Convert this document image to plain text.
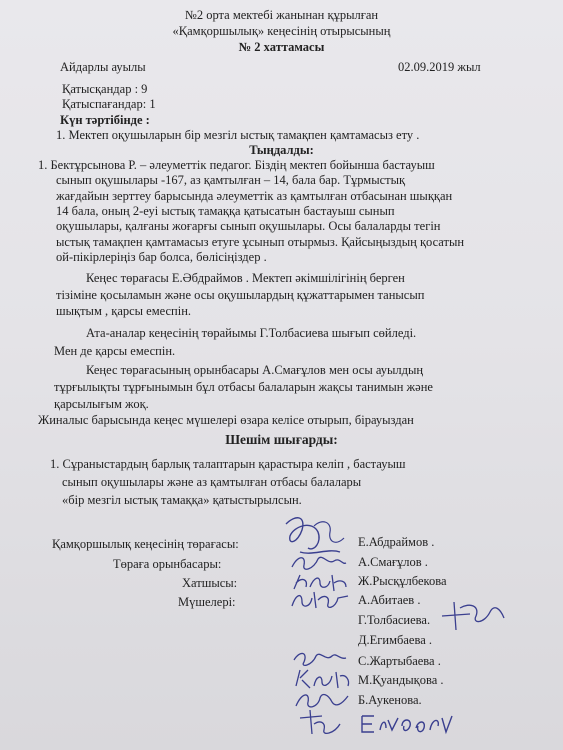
№2 орта мектебі жанынан құрылған
«Қамқоршылық» кеңесінің отырысының
№ 2 хаттамасы
Айдарлы ауылы	02.09.2019 жыл
Қатысқандар : 9
Қатыспағандар: 1
Күн тәртібінде :
1. Мектеп оқушыларын бір мезгіл ыстық тамақпен қамтамасыз ету .
Тыңдалды:
1. Бектұрсынова Р. – әлеуметтік педагог. Біздің мектеп бойынша бастауыш
сынып оқушылары -167, аз қамтылған – 14, бала бар. Тұрмыстық
жағдайын зерттеу барысында әлеуметтік аз қамтылған отбасынан шыққан
14 бала, оның 2-еуі ыстық тамаққа қатысатын бастауыш сынып
оқушылары, қалғаны жоғарғы сынып оқушылары. Осы балаларды тегін
ыстық тамақпен қамтамасыз етуге ұсынып отырмыз. Қайсыңыздың қосатын
ой-пікірлеріңіз бар болса, бөлісіңіздер .
Кеңес төрағасы Е.Әбдраймов . Мектеп әкімшілігінің берген
тізіміне қосыламын және осы оқушылардың құжаттарымен танысып
шықтым , қарсы емеспін.
Ата-аналар кеңесінің төрайымы Г.Толбасиева шығып сөйледі.
Мен де қарсы емеспін.
Кеңес төрағасының орынбасары А.Смағұлов мен осы ауылдың
тұрғылықты тұрғынымын бұл отбасы балаларын жақсы танимын және
қарсылығым жоқ.
Жиналыс барысында кеңес мүшелері өзара келісе отырып, бірауыздан
Шешім шығарды:
1. Сұраныстардың барлық талаптарын қарастыра келіп , бастауыш
сынып оқушылары және аз қамтылған отбасы балалары
«бір мезгіл ыстық тамаққа» қатыстырылсын.
Қамқоршылық кеңесінің төрағасы:	Е.Абдраймов .
Төраға орынбасары:	А.Смағұлов .
Хатшысы:	Ж.Рысқұлбекова
Мүшелері:	А.Абитаев .
Г.Толбасиева.
Д.Егимбаева .
С.Жартыбаева .
М.Қуандықова .
Б.Аукенова.
